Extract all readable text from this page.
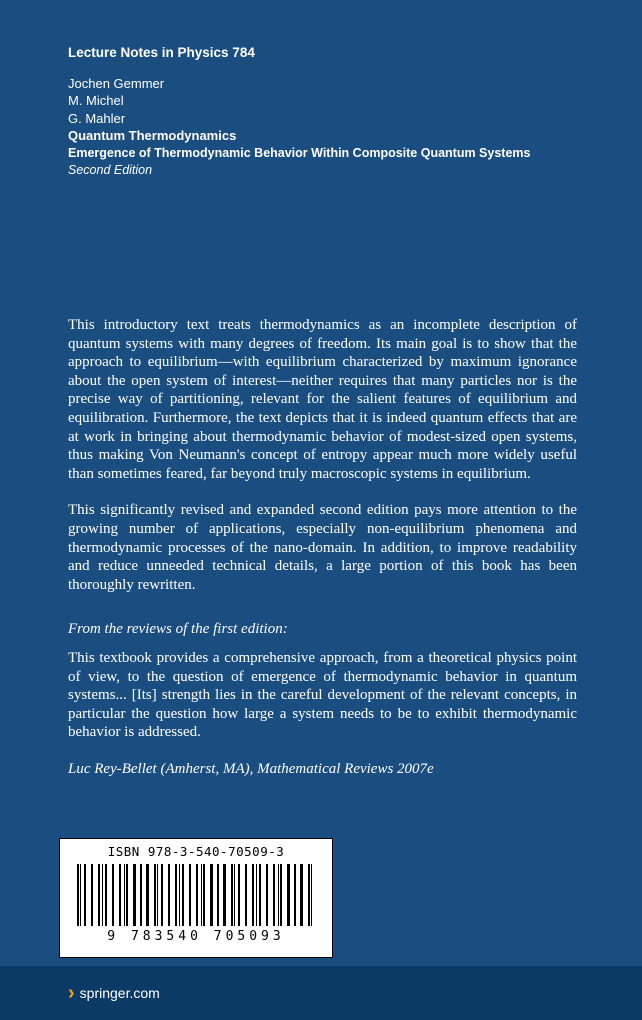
Lecture Notes in Physics 784
Jochen Gemmer
M. Michel
G. Mahler
Quantum Thermodynamics
Emergence of Thermodynamic Behavior Within Composite Quantum Systems
Second Edition

This introductory text treats thermodynamics as an incomplete description of quantum systems with many degrees of freedom. Its main goal is to show that the approach to equilibrium—with equilibrium characterized by maximum ignorance about the open system of interest—neither requires that many particles nor is the precise way of partitioning, relevant for the salient features of equilibrium and equilibration. Furthermore, the text depicts that it is indeed quantum effects that are at work in bringing about thermodynamic behavior of modest-sized open systems, thus making Von Neumann's concept of entropy appear much more widely useful than sometimes feared, far beyond truly macroscopic systems in equilibrium.

This significantly revised and expanded second edition pays more attention to the growing number of applications, especially non-equilibrium phenomena and thermodynamic processes of the nano-domain. In addition, to improve readability and reduce unneeded technical details, a large portion of this book has been thoroughly rewritten.

From the reviews of the first edition:

This textbook provides a comprehensive approach, from a theoretical physics point of view, to the question of emergence of thermodynamic behavior in quantum systems... [Its] strength lies in the careful development of the relevant concepts, in particular the question how large a system needs to be to exhibit thermodynamic behavior is addressed.

Luc Rey-Bellet (Amherst, MA), Mathematical Reviews 2007e

ISBN 978-3-540-70509-3
9 783540 705093
› springer.com
